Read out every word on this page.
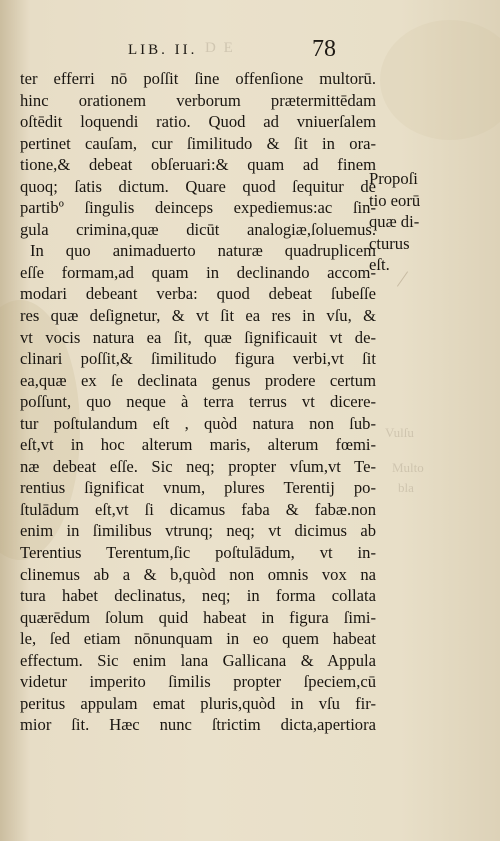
D E
Vulſu
Multo
bla
LIB. II.	78
ter efferri nō poſſit ſine offenſione multorū.
hinc orationem verborum prætermittēdam
oſtēdit loquendi ratio. Quod ad vniuerſalem
pertinet cauſam, cur ſimilitudo & ſit in ora-
tione,& debeat obſeruari:& quam ad finem
quoq; ſatis dictum. Quare quod ſequitur de
partibº ſingulis deinceps expediemus:ac ſin-
gula crimina,quæ dicūt analogiæ,ſoluemus.
In quo animaduerto naturæ quadruplicem
eſſe formam,ad quam in declinando accom-
modari debeant verba: quod debeat ſubeſſe
res quæ deſignetur, & vt ſit ea res in vſu, &
vt vocis natura ea ſit, quæ ſignificauit vt de-
clinari poſſit,& ſimilitudo figura verbi,vt ſit
ea,quæ ex ſe declinata genus prodere certum
poſſunt, quo neque à terra terrus vt dicere-
tur poſtulandum eſt , quòd natura non ſub-
eſt,vt in hoc alterum maris, alterum fœmi-
næ debeat eſſe. Sic neq; propter vſum,vt Te-
rentius ſignificat vnum, plures Terentij po-
ſtulādum eſt,vt ſi dicamus faba & fabæ.non
enim in ſimilibus vtrunq; neq; vt dicimus ab
Terentius Terentum,ſic poſtulādum, vt in-
clinemus ab a & b,quòd non omnis vox na
tura habet declinatus, neq; in forma collata
quærēdum ſolum quid habeat in figura ſimi-
le, ſed etiam nōnunquam in eo quem habeat
effectum. Sic enim lana Gallicana & Appula
videtur imperito ſimilis propter ſpeciem,cū
peritus appulam emat pluris,quòd in vſu fir-
mior ſit. Hæc nunc ſtrictim dicta,apertiora
Propoſi
tio eorū
quæ di-
cturus
eſt.
